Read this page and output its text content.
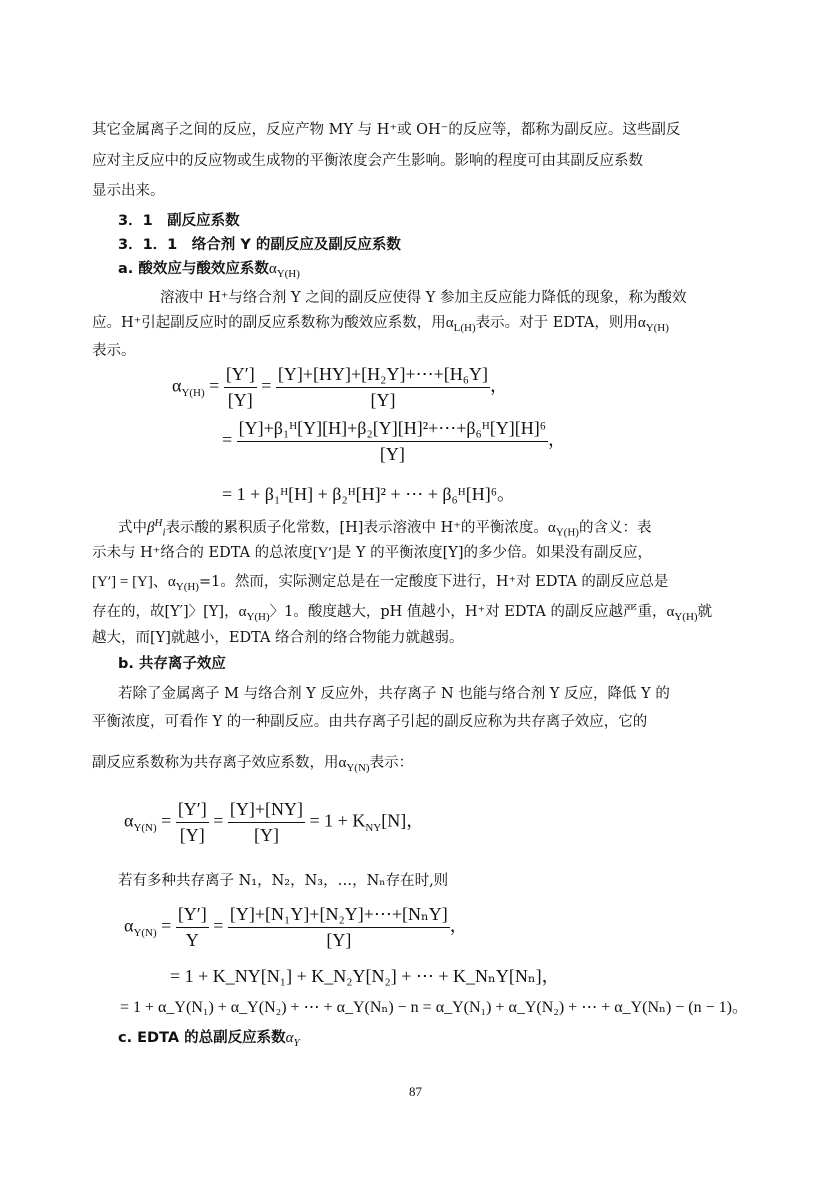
其它金属离子之间的反应，反应产物 MY 与 H⁺或 OH⁻的反应等，都称为副反应。这些副反
应对主反应中的反应物或生成物的平衡浓度会产生影响。影响的程度可由其副反应系数
显示出来。
3．1　副反应系数
3．1．1　络合剂 Y 的副反应及副反应系数
a. 酸效应与酸效应系数$\alpha_{Y(H)}$
溶液中 H⁺与络合剂 Y 之间的副反应使得 Y 参加主反应能力降低的现象，称为酸效
应。H⁺引起副反应时的副反应系数称为酸效应系数，用$\alpha_{L(H)}$表示。对于 EDTA，则用$\alpha_{Y(H)}$
表示。
$\alpha_{Y(H)} = \frac{[Y']}{[Y]} = \frac{\text{[Y]+[HY]+[H₂Y]+⋯+[H₆Y]}}{[Y]}$ ，
= $\frac{\text{[Y]+β₁ᴴ[Y][H]+β₂[Y][H]²+⋯+β₆ᴴ[Y][H]⁶}}{[Y]}$ ，
= 1 + β₁ᴴ[H] + β₂ᴴ[H]² + ⋯ + β₆ᴴ[H]⁶。
式中$\beta^H_i$表示酸的累积质子化常数，[H]表示溶液中 H⁺的平衡浓度。$\alpha_{Y(H)}$的含义：表
示未与 H⁺络合的 EDTA 的总浓度[Y′]是 Y 的平衡浓度[Y]的多少倍。如果没有副反应，
[Y′] = [Y]、$\alpha_{Y(H)}=1$。然而，实际测定总是在一定酸度下进行，H⁺对 EDTA 的副反应总是
存在的，故[Y′]〉[Y]，$\alpha_{Y(H)}$〉1。酸度越大，pH 值越小，H⁺对 EDTA 的副反应越严重，$\alpha_{Y(H)}$就
越大，而[Y]就越小，EDTA 络合剂的络合物能力就越弱。
b. 共存离子效应
若除了金属离子 M 与络合剂 Y 反应外，共存离子 N 也能与络合剂 Y 反应，降低 Y 的
平衡浓度，可看作 Y 的一种副反应。由共存离子引起的副反应称为共存离子效应，它的
副反应系数称为共存离子效应系数，用$\alpha_{Y(N)}$表示：
$\alpha_{Y(N)} = \frac{[Y']}{[Y]} = \frac{[Y]+[NY]}{[Y]} = 1 + K_{NY}[N]$，
若有多种共存离子 N₁，N₂，N₃，…，Nₙ存在时,则
$\alpha_{Y(N)} = \frac{[Y']}{Y} = \frac{\text{[Y]+[N₁Y]+[N₂Y]+⋯+[NₙY]}}{[Y]}$ ，
= 1 + K_NY[N₁] + K_N₂Y[N₂] + ⋯ + K_NₙY[Nₙ]，
= 1 + α_Y(N₁) + α_Y(N₂) + ⋯ + α_Y(Nₙ) − n = α_Y(N₁) + α_Y(N₂) + ⋯ + α_Y(Nₙ) − (n − 1)。
c. EDTA 的总副反应系数$\alpha_Y$
87
